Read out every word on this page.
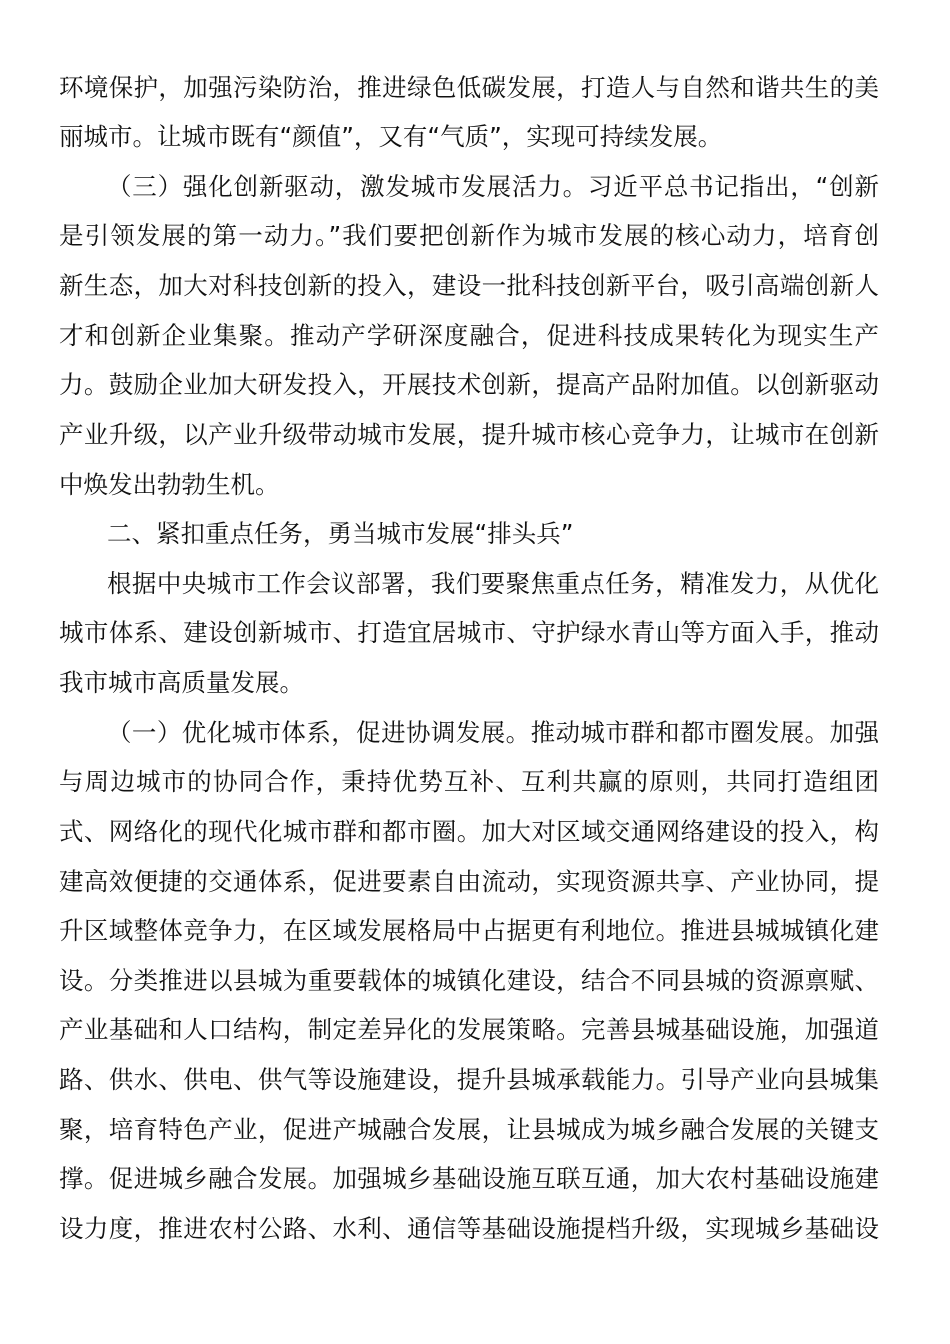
环境保护，加强污染防治，推进绿色低碳发展，打造人与自然和谐共生的美
丽城市。让城市既有“颜值”，又有“气质”，实现可持续发展。
（三）强化创新驱动，激发城市发展活力。习近平总书记指出，“创新
是引领发展的第一动力。”我们要把创新作为城市发展的核心动力，培育创
新生态，加大对科技创新的投入，建设一批科技创新平台，吸引高端创新人
才和创新企业集聚。推动产学研深度融合，促进科技成果转化为现实生产
力。鼓励企业加大研发投入，开展技术创新，提高产品附加值。以创新驱动
产业升级，以产业升级带动城市发展，提升城市核心竞争力，让城市在创新
中焕发出勃勃生机。
二、紧扣重点任务，勇当城市发展“排头兵”
根据中央城市工作会议部署，我们要聚焦重点任务，精准发力，从优化
城市体系、建设创新城市、打造宜居城市、守护绿水青山等方面入手，推动
我市城市高质量发展。
（一）优化城市体系，促进协调发展。推动城市群和都市圈发展。加强
与周边城市的协同合作，秉持优势互补、互利共赢的原则，共同打造组团
式、网络化的现代化城市群和都市圈。加大对区域交通网络建设的投入，构
建高效便捷的交通体系，促进要素自由流动，实现资源共享、产业协同，提
升区域整体竞争力，在区域发展格局中占据更有利地位。推进县城城镇化建
设。分类推进以县城为重要载体的城镇化建设，结合不同县城的资源禀赋、
产业基础和人口结构，制定差异化的发展策略。完善县城基础设施，加强道
路、供水、供电、供气等设施建设，提升县城承载能力。引导产业向县城集
聚，培育特色产业，促进产城融合发展，让县城成为城乡融合发展的关键支
撑。促进城乡融合发展。加强城乡基础设施互联互通，加大农村基础设施建
设力度，推进农村公路、水利、通信等基础设施提档升级，实现城乡基础设
